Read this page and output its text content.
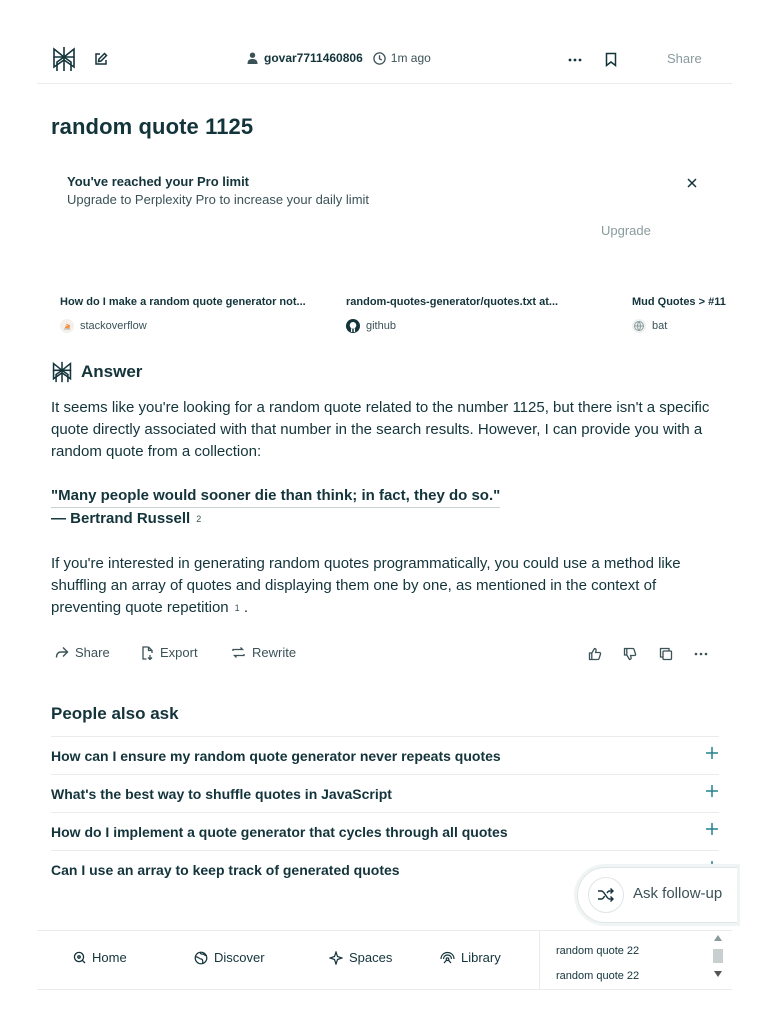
govar7711460806 1m ago	Share
random quote 1125
You've reached your Pro limit
Upgrade to Perplexity Pro to increase your daily limit
Upgrade
How do I make a random quote generator not...
stackoverflow
random-quotes-generator/quotes.txt at...
github
Mud Quotes > #11
bat
Answer
It seems like you're looking for a random quote related to the number 1125, but there isn't a specific quote directly associated with that number in the search results. However, I can provide you with a random quote from a collection:
"Many people would sooner die than think; in fact, they do so."
— Bertrand Russell 2
If you're interested in generating random quotes programmatically, you could use a method like shuffling an array of quotes and displaying them one by one, as mentioned in the context of preventing quote repetition 1 .
Share	Export	Rewrite
People also ask
How can I ensure my random quote generator never repeats quotes
What's the best way to shuffle quotes in JavaScript
How do I implement a quote generator that cycles through all quotes
Can I use an array to keep track of generated quotes
Ask follow-up
Home	Discover	Spaces	Library	random quote 22
random quote 22
